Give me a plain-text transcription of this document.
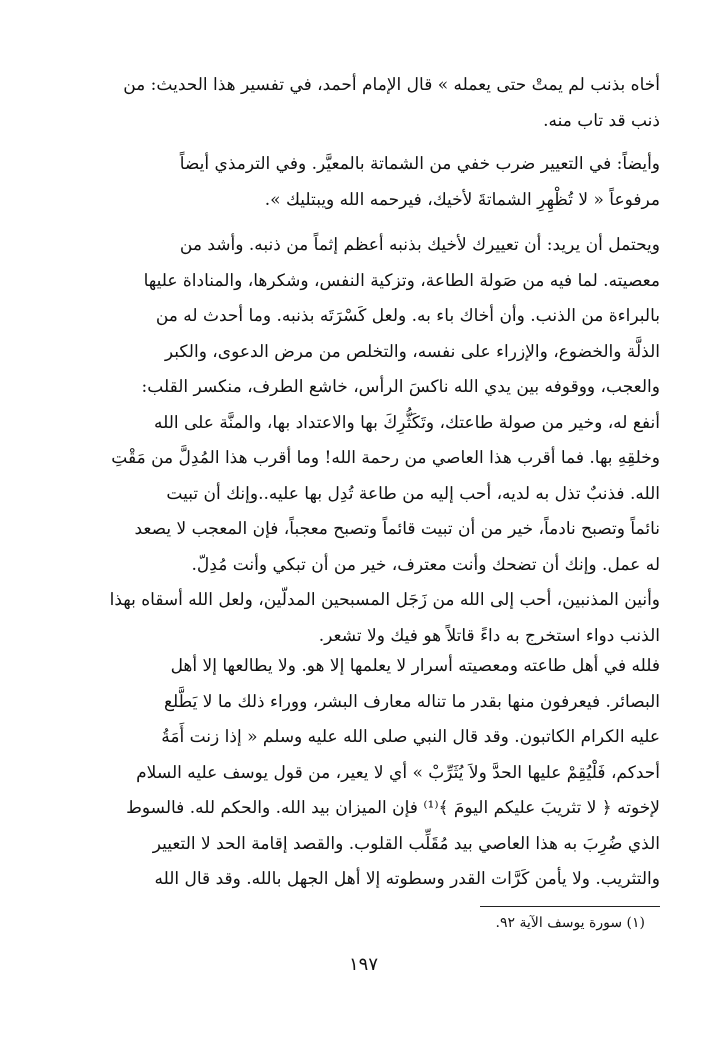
أخاه بذنب لم يمتْ حتى يعمله » قال الإمام أحمد، في تفسير هذا الحديث: من
ذنب قد تاب منه.
وأيضاً: في التعيير ضرب خفي من الشماتة بالمعيَّر. وفي الترمذي أيضاً
مرفوعاً « لا تُظْهِرِ الشماتةَ لأخيك، فيرحمه الله ويبتليك ».
ويحتمل أن يريد: أن تعييرك لأخيك بذنبه أعظم إثماً من ذنبه. وأشد من
معصيته. لما فيه من صَولة الطاعة، وتزكية النفس، وشكرها، والمناداة عليها
بالبراءة من الذنب. وأن أخاك باء به. ولعل كَسْرَتَه بذنبه. وما أحدث له من
الذلَّة والخضوع، والإزراء على نفسه، والتخلص من مرض الدعوى، والكبر
والعجب، ووقوفه بين يدي الله ناكسَ الرأس، خاشع الطرف، منكسر القلب:
أنفع له، وخير من صولة طاعتك، وتَكَثُّرِكَ بها والاعتداد بها، والمنَّة على الله
وخلقِهِ بها. فما أقرب هذا العاصي من رحمة الله! وما أقرب هذا المُدِلَّ من مَقْتِ
الله. فذنبٌ تذل به لديه، أحب إليه من طاعة تُدِل بها عليه..وإنك أن تبيت
نائماً وتصبح نادماً، خير من أن تبيت قائماً وتصبح معجباً، فإن المعجب لا يصعد
له عمل. وإنك أن تضحك وأنت معترف، خير من أن تبكي وأنت مُدِلّ.
وأنين المذنبين، أحب إلى الله من زَجَل المسبحين المدلّين، ولعل الله أسقاه بهذا
الذنب دواء استخرج به داءً قاتلاً هو فيك ولا تشعر.
فلله في أهل طاعته ومعصيته أسرار لا يعلمها إلا هو. ولا يطالعها إلا أهل
البصائر. فيعرفون منها بقدر ما تناله معارف البشر، ووراء ذلك ما لا يَطَّلع
عليه الكرام الكاتبون. وقد قال النبي صلى الله عليه وسلم « إذا زنت أَمَةُ
أحدكم، فَلْيُقِمْ عليها الحدَّ ولاَ يُثَرِّبْ » أي لا يعير، من قول يوسف عليه السلام
لإخوته ﴿ لا تثريبَ عليكم اليومَ ﴾⁽¹⁾ فإن الميزان بيد الله. والحكم لله. فالسوط
الذي ضُرِبَ به هذا العاصي بيد مُقَلِّب القلوب. والقصد إقامة الحد لا التعيير
والتثريب. ولا يأمن كَرَّات القدر وسطوته إلا أهل الجهل بالله. وقد قال الله
(١) سورة يوسف الآية ٩٢.
١٩٧
